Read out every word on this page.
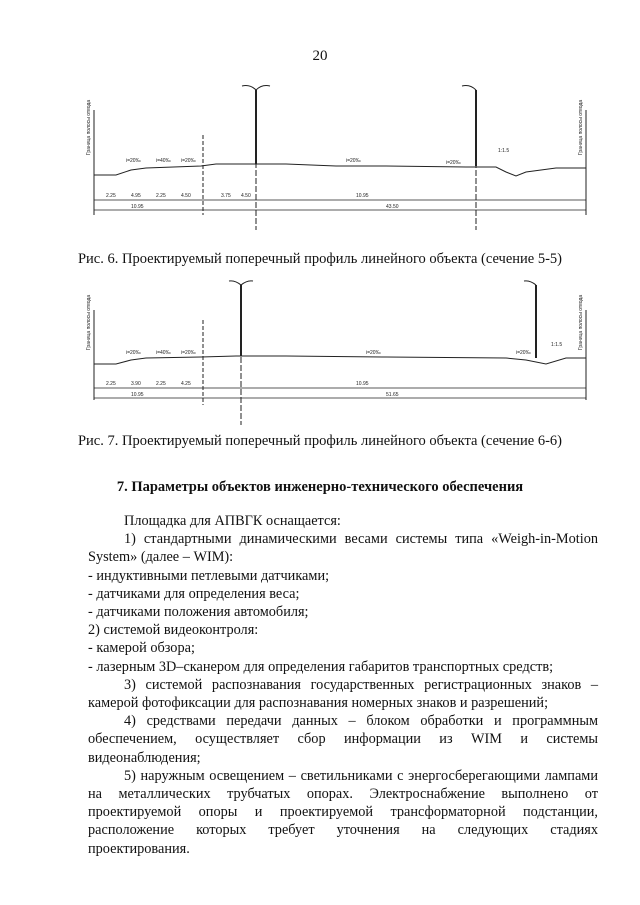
20
Граница полосы отвода	Граница полосы отвода
i=20‰	i=40‰ i=20‰	i=20‰	i=20‰
1:1.5
2.25	4.95	2.25	4.50	3.75 4.50	10.95
10.95	43.50
Рис. 6. Проектируемый поперечный профиль линейного объекта (сечение 5-5)
Граница полосы отвода	Граница полосы отвода
i=20‰	i=40‰ i=20‰	i=20‰	i=20‰
1:1.5
2.25	3.90	2.25	4.25	10.95
10.95	51.65
Рис. 7. Проектируемый поперечный профиль линейного объекта (сечение 6-6)
7. Параметры объектов инженерно-технического обеспечения

Площадка для АПВГК оснащается:

1) стандартными динамическими весами системы типа «Weigh-in-Motion

System» (далее – WIM):

- индуктивными петлевыми датчиками;

- датчиками для определения веса;

- датчиками положения автомобиля;

2) системой видеоконтроля:

- камерой обзора;

- лазерным 3D–сканером для определения габаритов транспортных средств;

3) системой распознавания государственных регистрационных знаков –

камерой фотофиксации для распознавания номерных знаков и разрешений;

4) средствами передачи данных – блоком обработки и программным

обеспечением, осуществляет сбор информации из WIM и системы

видеонаблюдения;

5) наружным освещением – светильниками с энергосберегающими лампами

на металлических трубчатых опорах. Электроснабжение выполнено от

проектируемой опоры и проектируемой трансформаторной подстанции,

расположение которых требует уточнения на следующих стадиях

проектирования.
